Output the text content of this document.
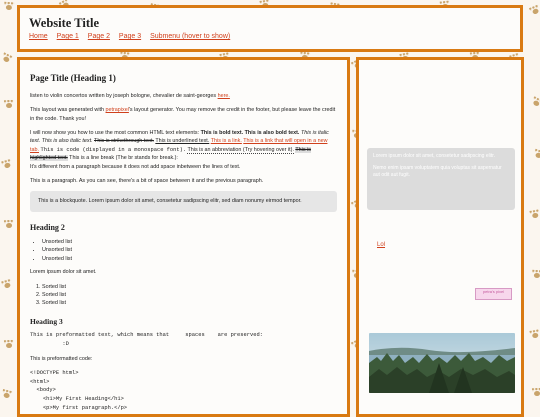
Website Title
Home Page 1 Page 2 Page 3 Submenu (hover to show)
Page Title (Heading 1)

listen to violin concertos written by joseph bologne, chevalier de saint-georges here.

This layout was generated with petrapixel's layout generator. You may remove the credit in the footer, but please leave the credit in the code. Thank you!

I will now show you how to use the most common HTML text elements: This is bold text. This is also bold text. This is italic text. This is also italic text. This is strikethrough text. This is underlined text. This is a link. This is a link that will open in a new tab. This is code (displayed in a monospace font). This is an abbreviation (Try hovering over it). This is highlighted text. This is a line break (The br stands for break.):
It's different from a paragraph because it does not add space inbetween the lines of text.

This is a paragraph. As you can see, there's a bit of space between it and the previous paragraph.

This is a blockquote. Lorem ipsum dolor sit amet, consetetur sadipscing elitr, sed diam nonumy eirmod tempor.
Heading 2
• Unsorted list
• Unsorted list
• Unsorted list

Lorem ipsum dolor sit amet.

1. Sorted list
2. Sorted list
3. Sorted list
Heading 3
This is preformatted text, which means that     spaces    are preserved:
:D

This is preformatted code:

<!DOCTYPE html>
<html>
<body>
<h1>My First Heading</h1>
<p>My first paragraph.</p>

Lorem ipsum dolor sit amet, consetetur sadipscing elitr.

Nemo enim ipsam voluptatem quia voluptas sit aspernatur aut odit aut fugit.

Lol
petra's pixel
